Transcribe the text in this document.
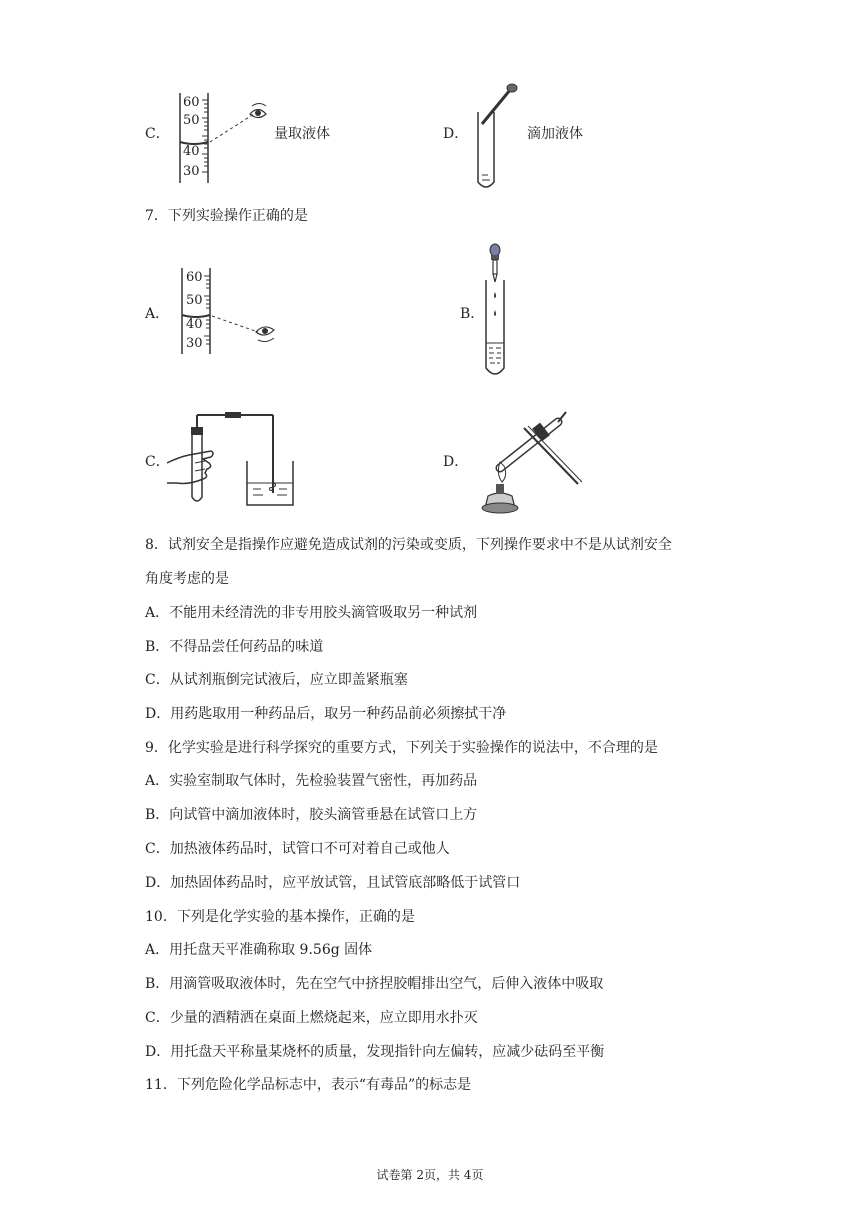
C．
60
50
40
30
量取液体	D．	滴加液体
7．下列实验操作正确的是
A．
60
50
40
30
B．
C．	D．
8．试剂安全是指操作应避免造成试剂的污染或变质，下列操作要求中不是从试剂安全
角度考虑的是
A．不能用未经清洗的非专用胶头滴管吸取另一种试剂
B．不得品尝任何药品的味道
C．从试剂瓶倒完试液后，应立即盖紧瓶塞
D．用药匙取用一种药品后，取另一种药品前必须擦拭干净
9．化学实验是进行科学探究的重要方式，下列关于实验操作的说法中，不合理的是
A．实验室制取气体时，先检验装置气密性，再加药品
B．向试管中滴加液体时，胶头滴管垂悬在试管口上方
C．加热液体药品时，试管口不可对着自己或他人
D．加热固体药品时，应平放试管，且试管底部略低于试管口
10．下列是化学实验的基本操作，正确的是
A．用托盘天平准确称取 9.56g 固体
B．用滴管吸取液体时，先在空气中挤捏胶帽排出空气，后伸入液体中吸取
C．少量的酒精洒在桌面上燃烧起来，应立即用水扑灭
D．用托盘天平称量某烧杯的质量，发现指针向左偏转，应减少砝码至平衡
11．下列危险化学品标志中，表示“有毒品”的标志是
试卷第 2页，共 4页
